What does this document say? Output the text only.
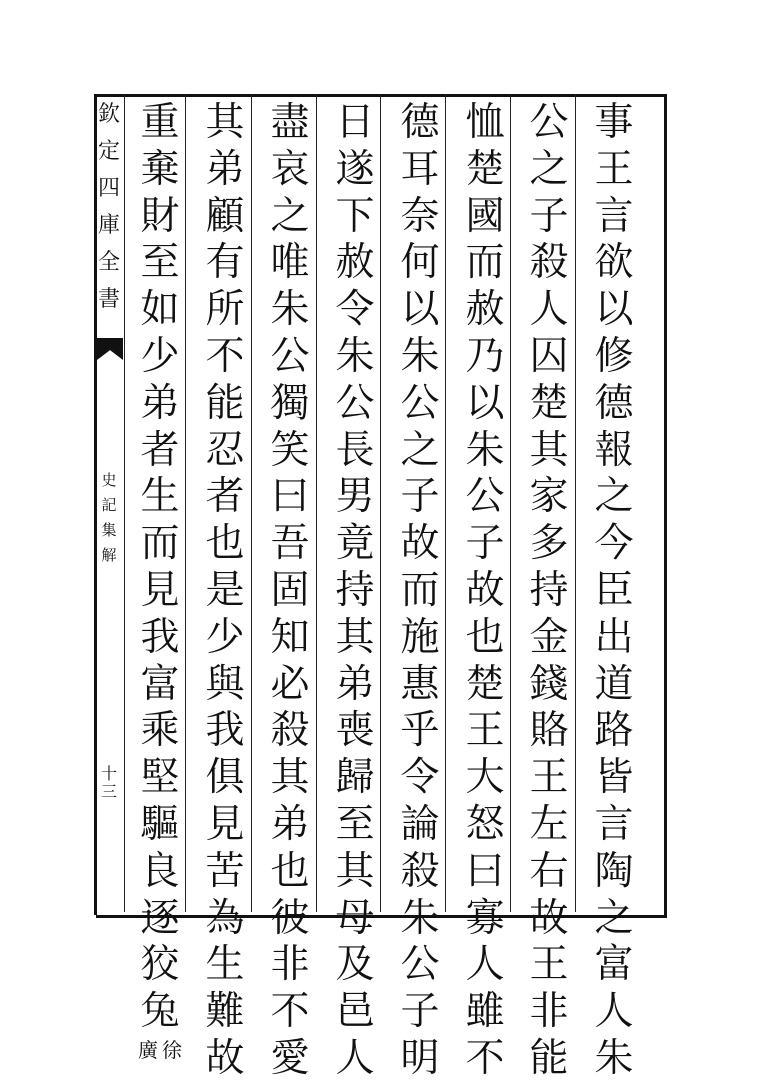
欽
定
四
庫
全
書
史
記
集
解
十三
事
王
言
欲
以
修
德
報
之
今
臣
出
道
路
皆
言
陶
之
富
人
朱
公
之
子
殺
人
囚
楚
其
家
多
持
金
錢
賂
王
左
右
故
王
非
能
恤
楚
國
而
赦
乃
以
朱
公
子
故
也
楚
王
大
怒
曰
寡
人
雖
不
德
耳
奈
何
以
朱
公
之
子
故
而
施
惠
乎
令
論
殺
朱
公
子
明
日
遂
下
赦
令
朱
公
長
男
竟
持
其
弟
喪
歸
至
其
母
及
邑
人
盡
哀
之
唯
朱
公
獨
笑
曰
吾
固
知
必
殺
其
弟
也
彼
非
不
愛
其
弟
顧
有
所
不
能
忍
者
也
是
少
與
我
俱
見
苦
為
生
難
故
重
棄
財
至
如
少
弟
者
生
而
見
我
富
乘
堅
驅
良
逐
狡
兔
徐
廣
